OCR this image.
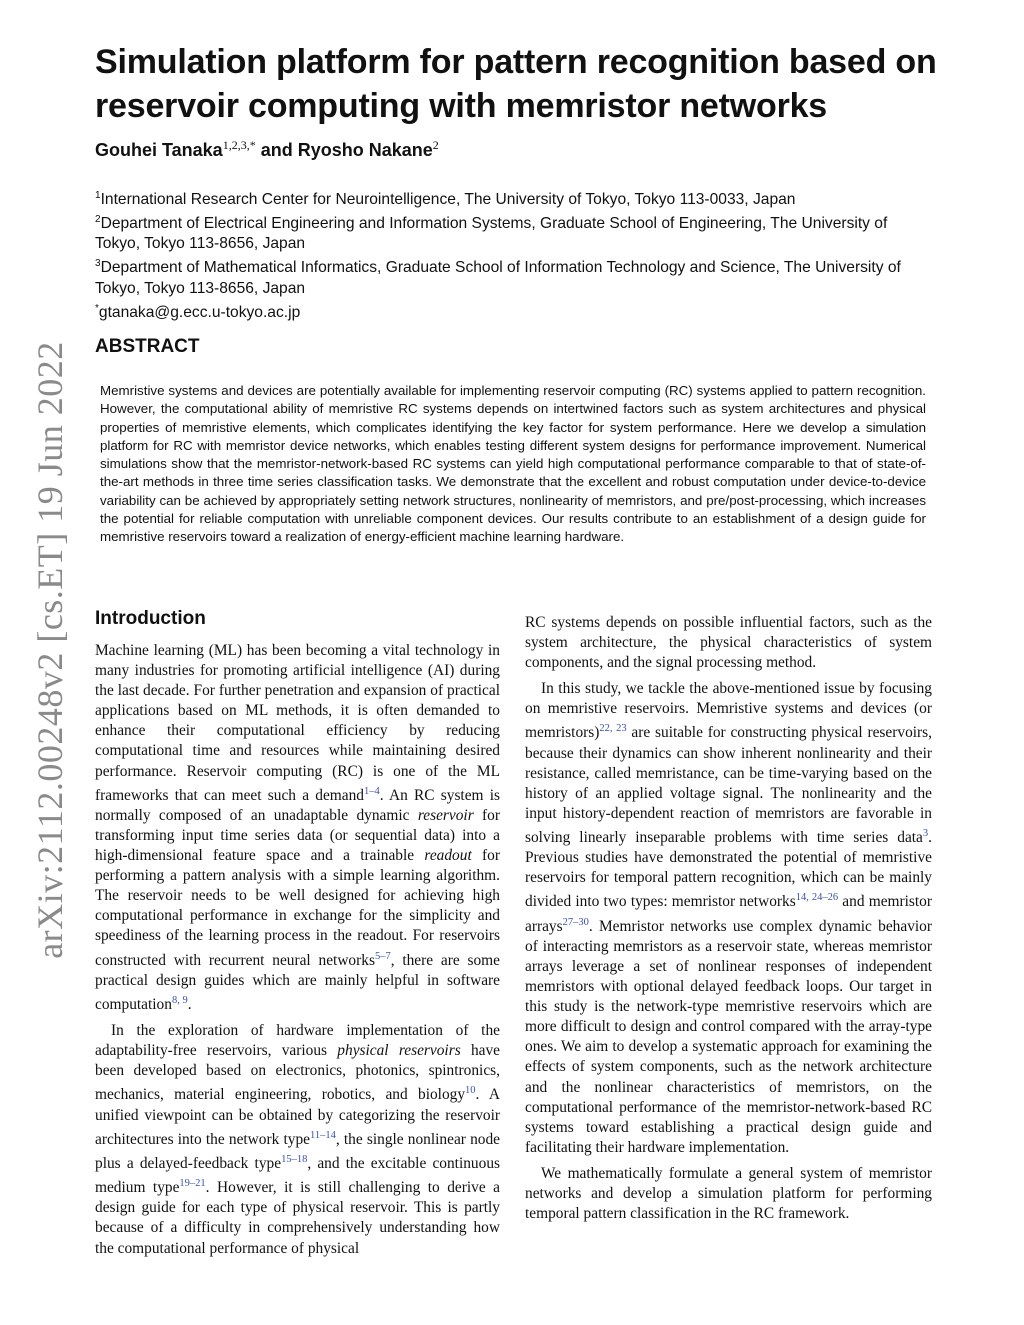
arXiv:2112.00248v2 [cs.ET] 19 Jun 2022
Simulation platform for pattern recognition based on reservoir computing with memristor networks
Gouhei Tanaka$^{1,2,3,*}$ and Ryosho Nakane$^2$

$^1$International Research Center for Neurointelligence, The University of Tokyo, Tokyo 113-0033, Japan

$^2$Department of Electrical Engineering and Information Systems, Graduate School of Engineering, The University of Tokyo, Tokyo 113-8656, Japan

$^3$Department of Mathematical Informatics, Graduate School of Information Technology and Science, The University of Tokyo, Tokyo 113-8656, Japan

*gtanaka@g.ecc.u-tokyo.ac.jp

ABSTRACT

Memristive systems and devices are potentially available for implementing reservoir computing (RC) systems applied to pattern recognition. However, the computational ability of memristive RC systems depends on intertwined factors such as system architectures and physical properties of memristive elements, which complicates identifying the key factor for system performance. Here we develop a simulation platform for RC with memristor device networks, which enables testing different system designs for performance improvement. Numerical simulations show that the memristor-network-based RC systems can yield high computational performance comparable to that of state-of-the-art methods in three time series classification tasks. We demonstrate that the excellent and robust computation under device-to-device variability can be achieved by appropriately setting network structures, nonlinearity of memristors, and pre/post-processing, which increases the potential for reliable computation with unreliable component devices. Our results contribute to an establishment of a design guide for memristive reservoirs toward a realization of energy-efficient machine learning hardware.

Introduction

Machine learning (ML) has been becoming a vital technology in many industries for promoting artificial intelligence (AI) during the last decade. For further penetration and expansion of practical applications based on ML methods, it is often demanded to enhance their computational efficiency by reducing computational time and resources while maintaining desired performance. Reservoir computing (RC) is one of the ML frameworks that can meet such a demand$^{1-4}$. An RC system is normally composed of an unadaptable dynamic reservoir for transforming input time series data (or sequential data) into a high-dimensional feature space and a trainable readout for performing a pattern analysis with a simple learning algorithm. The reservoir needs to be well designed for achieving high computational performance in exchange for the simplicity and speediness of the learning process in the readout. For reservoirs constructed with recurrent neural networks$^{5-7}$, there are some practical design guides which are mainly helpful in software computation$^{8, 9}$.

In the exploration of hardware implementation of the adaptability-free reservoirs, various physical reservoirs have been developed based on electronics, photonics, spintronics, mechanics, material engineering, robotics, and biology$^{10}$. A unified viewpoint can be obtained by categorizing the reservoir architectures into the network type$^{11-14}$, the single nonlinear node plus a delayed-feedback type$^{15-18}$, and the excitable continuous medium type$^{19-21}$. However, it is still challenging to derive a design guide for each type of physical reservoir. This is partly because of a difficulty in comprehensively understanding how the computational performance of physical

RC systems depends on possible influential factors, such as the system architecture, the physical characteristics of system components, and the signal processing method.

In this study, we tackle the above-mentioned issue by focusing on memristive reservoirs. Memristive systems and devices (or memristors)$^{22, 23}$ are suitable for constructing physical reservoirs, because their dynamics can show inherent nonlinearity and their resistance, called memristance, can be time-varying based on the history of an applied voltage signal. The nonlinearity and the input history-dependent reaction of memristors are favorable in solving linearly inseparable problems with time series data$^3$. Previous studies have demonstrated the potential of memristive reservoirs for temporal pattern recognition, which can be mainly divided into two types: memristor networks$^{14, 24-26}$ and memristor arrays$^{27-30}$. Memristor networks use complex dynamic behavior of interacting memristors as a reservoir state, whereas memristor arrays leverage a set of nonlinear responses of independent memristors with optional delayed feedback loops. Our target in this study is the network-type memristive reservoirs which are more difficult to design and control compared with the array-type ones. We aim to develop a systematic approach for examining the effects of system components, such as the network architecture and the nonlinear characteristics of memristors, on the computational performance of the memristor-network-based RC systems toward establishing a practical design guide and facilitating their hardware implementation.

We mathematically formulate a general system of memristor networks and develop a simulation platform for performing temporal pattern classification in the RC framework.
